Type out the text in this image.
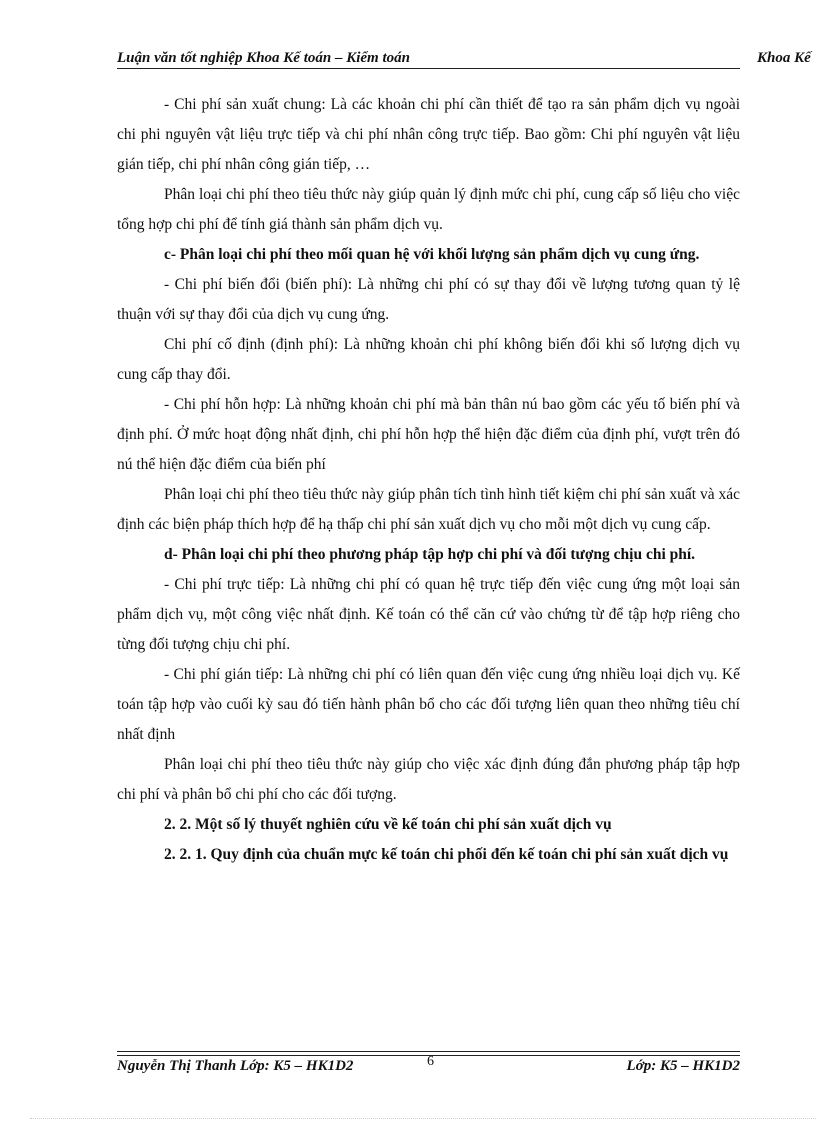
Luận văn tốt nghiệp Khoa Kế toán – Kiểm toán	Khoa Kế

- Chi phí sản xuất chung: Là các khoản chi phí cần thiết để tạo ra sản phẩm dịch vụ ngoài chi phi nguyên vật liệu trực tiếp và chi phí nhân công trực tiếp. Bao gồm: Chi phí nguyên vật liệu gián tiếp, chi phí nhân công gián tiếp, …

Phân loại chi phí theo tiêu thức này giúp quản lý định mức chi phí, cung cấp số liệu cho việc tổng hợp chi phí để tính giá thành sản phẩm dịch vụ.

c- Phân loại chi phí theo mối quan hệ với khối lượng sản phẩm dịch vụ cung ứng.

- Chi phí biến đổi (biến phí): Là những chi phí có sự thay đổi về lượng tương quan tỷ lệ thuận với sự thay đổi của dịch vụ cung ứng.

Chi phí cố định (định phí): Là những khoản chi phí không biến đổi khi số lượng dịch vụ cung cấp thay đổi.

- Chi phí hỗn hợp: Là những khoản chi phí mà bản thân nú bao gồm các yếu tố biến phí và định phí. Ở mức hoạt động nhất định, chi phí hỗn hợp thể hiện đặc điểm của định phí, vượt trên đó nú thể hiện đặc điểm của biến phí

Phân loại chi phí theo tiêu thức này giúp phân tích tình hình tiết kiệm chi phí sản xuất và xác định các biện pháp thích hợp để hạ thấp chi phí sản xuất dịch vụ cho mỗi một dịch vụ cung cấp.

d- Phân loại chi phí theo phương pháp tập hợp chi phí và đối tượng chịu chi phí.

- Chi phí trực tiếp: Là những chi phí có quan hệ trực tiếp đến việc cung ứng một loại sản phẩm dịch vụ, một công việc nhất định. Kế toán có thể căn cứ vào chứng từ để tập hợp riêng cho từng đối tượng chịu chi phí.

- Chi phí gián tiếp: Là những chi phí có liên quan đến việc cung ứng nhiều loại dịch vụ. Kế toán tập hợp vào cuối kỳ sau đó tiến hành phân bổ cho các đối tượng liên quan theo những tiêu chí nhất định

Phân loại chi phí theo tiêu thức này giúp cho việc xác định đúng đắn phương pháp tập hợp chi phí và phân bổ chi phí cho các đối tượng.

2. 2. Một số lý thuyết nghiên cứu về kế toán chi phí sản xuất dịch vụ

2. 2. 1. Quy định của chuẩn mực kế toán chi phối đến kế toán chi phí sản xuất dịch vụ

Nguyễn Thị Thanh Lớp: K5 – HK1D2	6	Lớp: K5 – HK1D2
